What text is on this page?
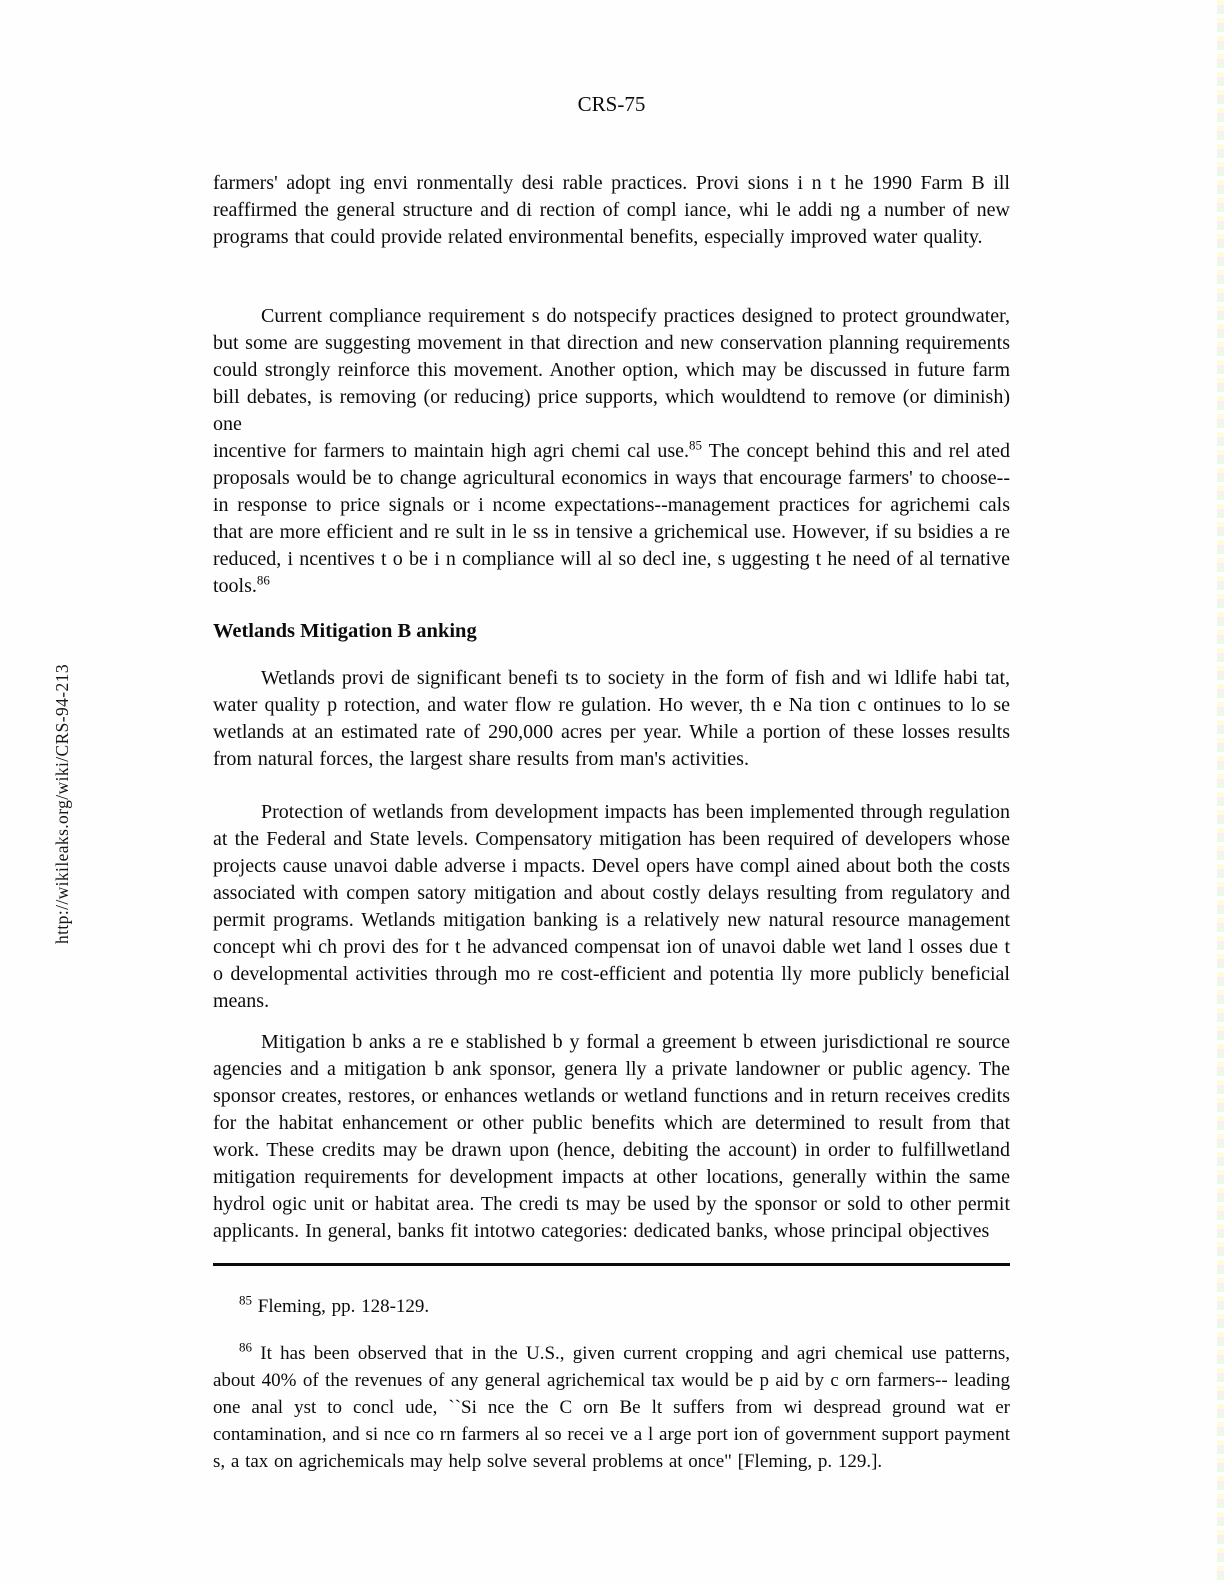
http://wikileaks.org/wiki/CRS-94-213
CRS-75

farmers' adopt ing envi ronmentally desi rable practices. Provi sions i n t he 1990 Farm B ill reaffirmed the general structure and di rection of compl iance, whi le addi ng a number of new programs that could provide related environmental benefits, especially improved water quality.

Current compliance requirement s do notspecify practices designed to protect groundwater, but some are suggesting movement in that direction and new conservation planning requirements could strongly reinforce this movement. Another option, which may be discussed in future farm bill debates, is removing (or reducing) price supports, which wouldtend to remove (or diminish) one

incentive for farmers to maintain high agri chemi cal use.$^{85}$ The concept behind this and rel ated proposals would be to change agricultural economics in ways that encourage farmers' to choose-- in response to price signals or i ncome expectations--management practices for agrichemi cals that are more efficient and re sult in le ss in tensive a grichemical use. However, if su bsidies a re reduced, i ncentives t o be i n compliance will al so decl ine, s uggesting t he need of al ternative tools.$^{86}$

Wetlands Mitigation B anking

Wetlands provi de significant benefi ts to society in the form of fish and wi ldlife habi tat, water quality p rotection, and water flow re gulation. Ho wever, th e Na tion c ontinues to lo se wetlands at an estimated rate of 290,000 acres per year. While a portion of these losses results from natural forces, the largest share results from man's activities.

Protection of wetlands from development impacts has been implemented through regulation at the Federal and State levels. Compensatory mitigation has been required of developers whose projects cause unavoi dable adverse i mpacts. Devel opers have compl ained about both the costs associated with compen satory mitigation and about costly delays resulting from regulatory and permit programs. Wetlands mitigation banking is a relatively new natural resource management concept whi ch provi des for t he advanced compensat ion of unavoi dable wet land l osses due t o developmental activities through mo re cost-efficient and potentia lly more publicly beneficial means.

Mitigation b anks a re e stablished b y formal a greement b etween jurisdictional re source agencies and a mitigation b ank sponsor, genera lly a private landowner or public agency. The sponsor creates, restores, or enhances wetlands or wetland functions and in return receives credits for the habitat enhancement or other public benefits which are determined to result from that work. These credits may be drawn upon (hence, debiting the account) in order to fulfillwetland mitigation requirements for development impacts at other locations, generally within the same hydrol ogic unit or habitat area. The credi ts may be used by the sponsor or sold to other permit applicants. In general, banks fit intotwo categories: dedicated banks, whose principal objectives

$^{85}$ Fleming, pp. 128-129.

$^{86}$ It has been observed that in the U.S., given current cropping and agri chemical use patterns, about 40% of the revenues of any general agrichemical tax would be p aid by c orn farmers-- leading one anal yst to concl ude, ``Si nce the C orn Be lt suffers from wi despread ground wat er contamination, and si nce co rn farmers al so recei ve a l arge port ion of government support payment s, a tax on agrichemicals may help solve several problems at once" [Fleming, p. 129.].
